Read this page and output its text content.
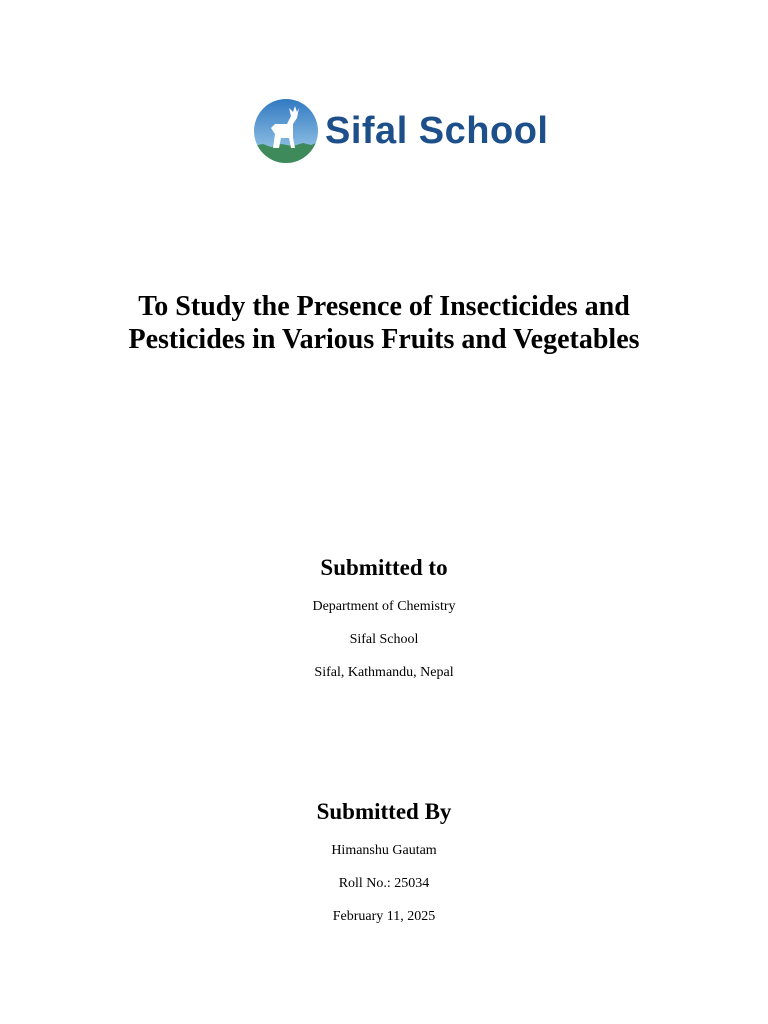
Sifal School
To Study the Presence of Insecticides and
Pesticides in Various Fruits and Vegetables
Submitted to

Department of Chemistry

Sifal School

Sifal, Kathmandu, Nepal

Submitted By

Himanshu Gautam

Roll No.: 25034

February 11, 2025
